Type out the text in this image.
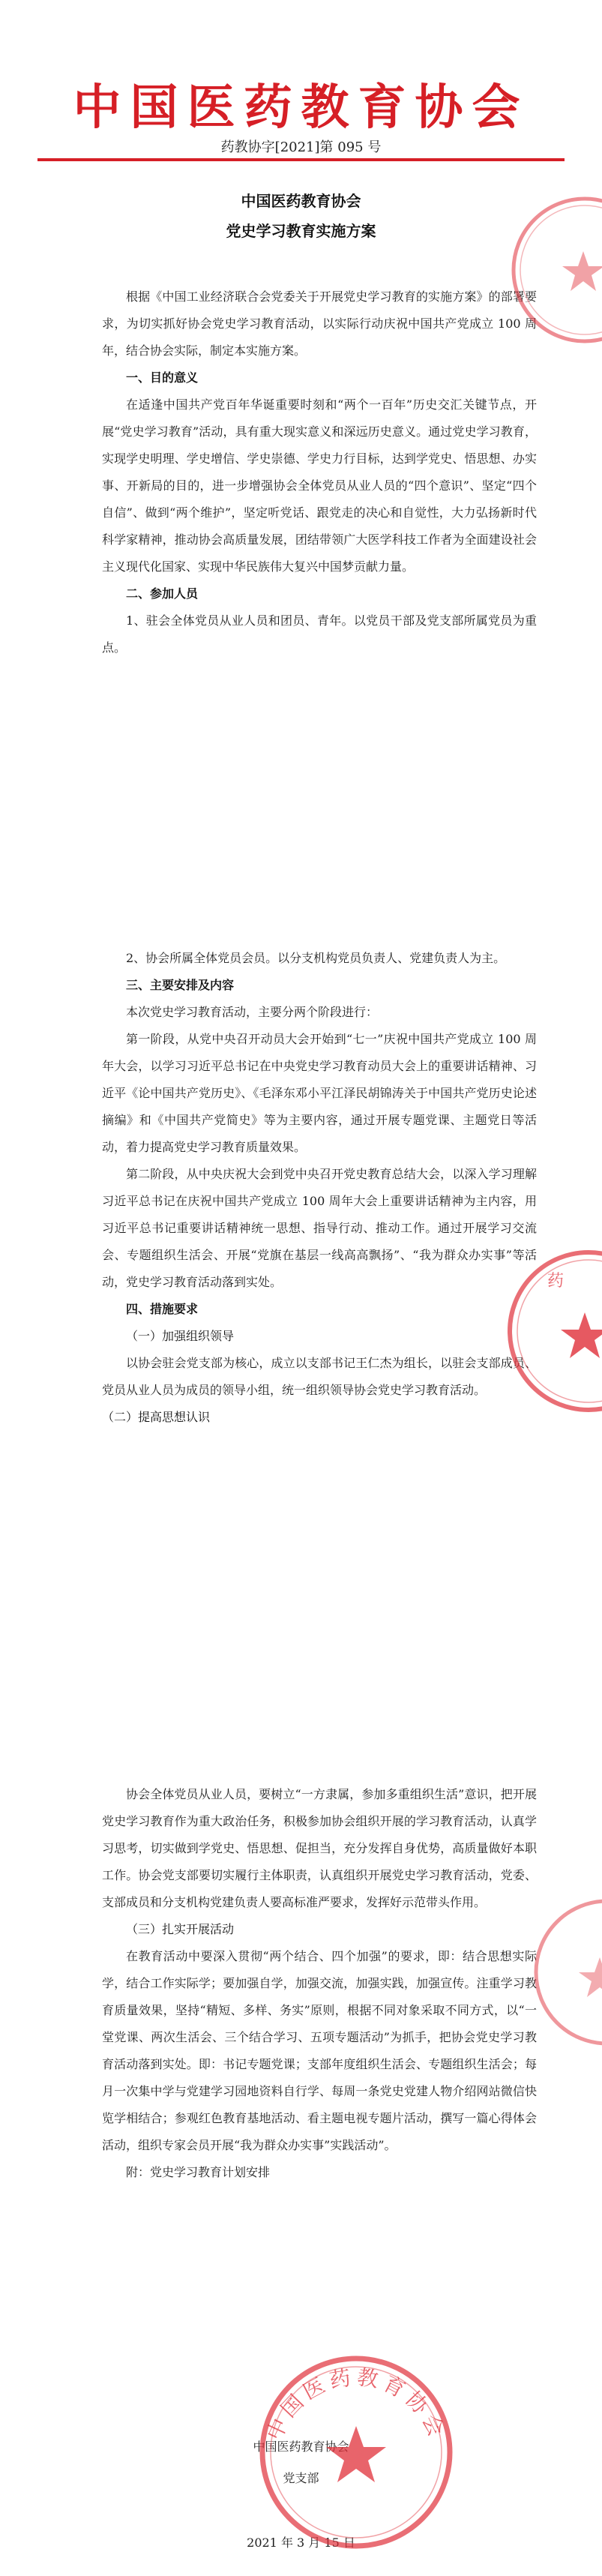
中国医药教育协会
药教协字[2021]第 095 号
中国医药教育协会
党史学习教育实施方案

根据《中国工业经济联合会党委关于开展党史学习教育的实施方案》的部署要求，为切实抓好协会党史学习教育活动，以实际行动庆祝中国共产党成立 100 周年，结合协会实际，制定本实施方案。

一、目的意义

在适逢中国共产党百年华诞重要时刻和“两个一百年”历史交汇关键节点，开展“党史学习教育”活动，具有重大现实意义和深远历史意义。通过党史学习教育，实现学史明理、学史增信、学史崇德、学史力行目标，达到学党史、悟思想、办实事、开新局的目的，进一步增强协会全体党员从业人员的“四个意识”、坚定“四个自信”、做到“两个维护”，坚定听党话、跟党走的决心和自觉性，大力弘扬新时代科学家精神，推动协会高质量发展，团结带领广大医学科技工作者为全面建设社会主义现代化国家、实现中华民族伟大复兴中国梦贡献力量。

二、参加人员

1、驻会全体党员从业人员和团员、青年。以党员干部及党支部所属党员为重点。

2、协会所属全体党员会员。以分支机构党员负责人、党建负责人为主。

三、主要安排及内容

本次党史学习教育活动，主要分两个阶段进行：

第一阶段，从党中央召开动员大会开始到“七一”庆祝中国共产党成立 100 周年大会，以学习习近平总书记在中央党史学习教育动员大会上的重要讲话精神、习近平《论中国共产党历史》、《毛泽东邓小平江泽民胡锦涛关于中国共产党历史论述摘编》和《中国共产党简史》等为主要内容，通过开展专题党课、主题党日等活动，着力提高党史学习教育质量效果。

第二阶段，从中央庆祝大会到党中央召开党史教育总结大会，以深入学习理解习近平总书记在庆祝中国共产党成立 100 周年大会上重要讲话精神为主内容，用习近平总书记重要讲话精神统一思想、指导行动、推动工作。通过开展学习交流会、专题组织生活会、开展“党旗在基层一线高高飘扬”、“我为群众办实事”等活动，党史学习教育活动落到实处。

四、措施要求
（一）加强组织领导

以协会驻会党支部为核心，成立以支部书记王仁杰为组长，以驻会支部成员、党员从业人员为成员的领导小组，统一组织领导协会党史学习教育活动。

（二）提高思想认识

协会全体党员从业人员，要树立“一方隶属，参加多重组织生活”意识，把开展党史学习教育作为重大政治任务，积极参加协会组织开展的学习教育活动，认真学习思考，切实做到学党史、悟思想、促担当，充分发挥自身优势，高质量做好本职工作。协会党支部要切实履行主体职责，认真组织开展党史学习教育活动，党委、支部成员和分支机构党建负责人要高标准严要求，发挥好示范带头作用。

（三）扎实开展活动

在教育活动中要深入贯彻“两个结合、四个加强”的要求，即：结合思想实际学，结合工作实际学；要加强自学，加强交流，加强实践，加强宣传。注重学习教育质量效果，坚持“精短、多样、务实”原则，根据不同对象采取不同方式，以“一堂党课、两次生活会、三个结合学习、五项专题活动”为抓手，把协会党史学习教育活动落到实处。即：书记专题党课；支部年度组织生活会、专题组织生活会；每月一次集中学与党建学习园地资料自行学、每周一条党史党建人物介绍网站微信快览学相结合；参观红色教育基地活动、看主题电视专题片活动，撰写一篇心得体会活动，组织专家会员开展“我为群众办实事”实践活动”。

附：党史学习教育计划安排

中国医药教育协会
党支部
2021 年 3 月 15 日
药
中国医药教育协会
